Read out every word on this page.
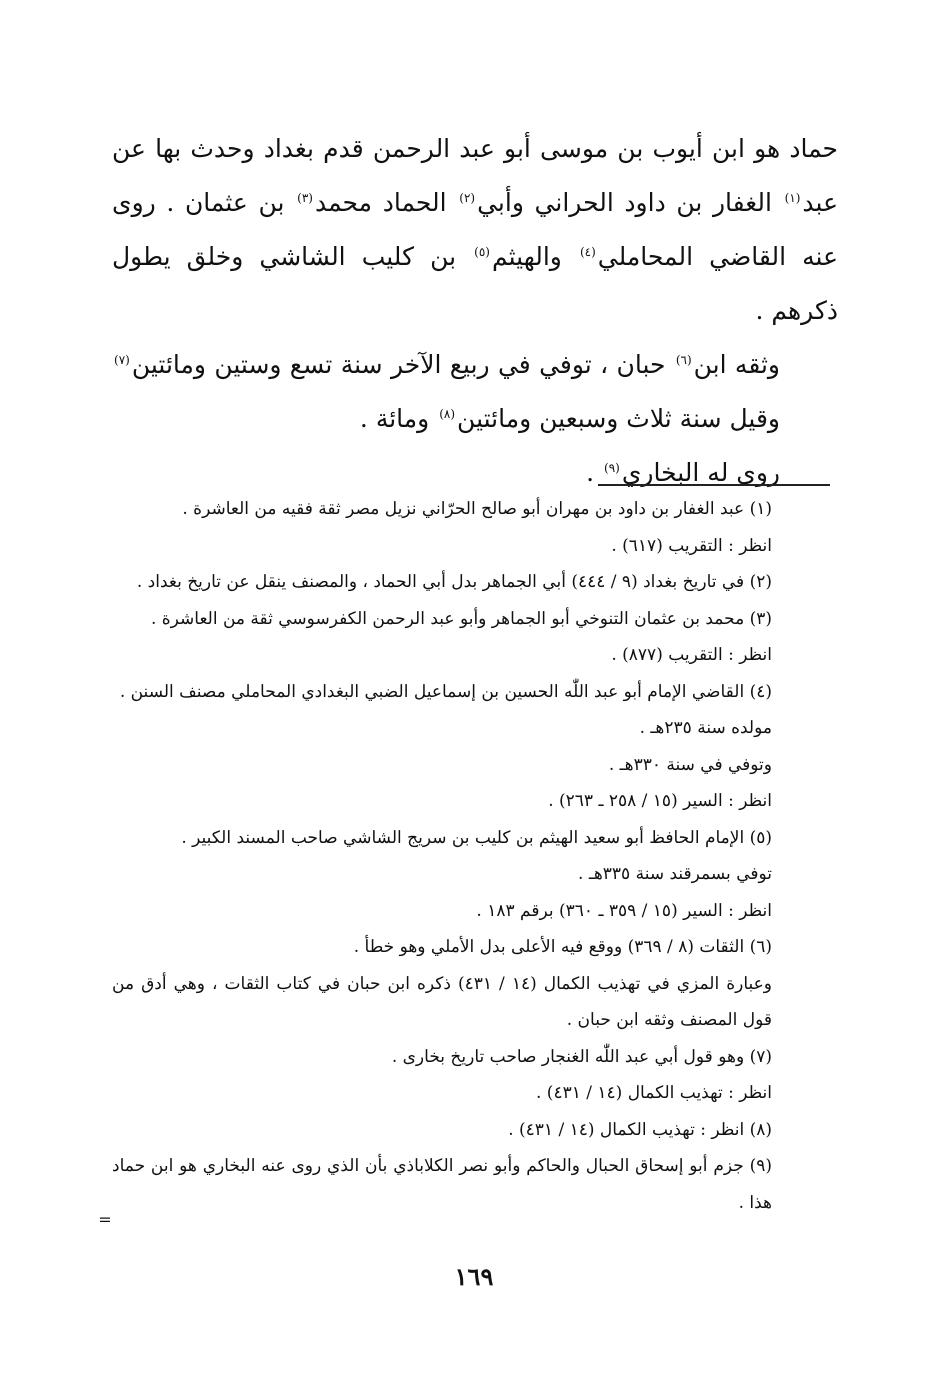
حماد هو ابن أيوب بن موسى أبو عبد الرحمن قدم بغداد وحدث بها عن عبد$^{(١)}$ الغفار بن داود الحراني وأبي$^{(٢)}$ الحماد محمد$^{(٣)}$ بن عثمان . روى عنه القاضي المحاملي$^{(٤)}$ والهيثم$^{(٥)}$ بن كليب الشاشي وخلق يطول ذكرهم .

وثقه ابن$^{(٦)}$ حبان ، توفي في ربيع الآخر سنة تسع وستين ومائتين$^{(٧)}$ وقيل سنة ثلاث وسبعين ومائتين$^{(٨)}$ ومائة .

روى له البخاري$^{(٩)}$ .

(١) عبد الغفار بن داود بن مهران أبو صالح الحرّاني نزيل مصر ثقة فقيه من العاشرة .

انظر : التقريب (٦١٧) .

(٢) في تاريخ بغداد (٩ / ٤٤٤) أبي الجماهر بدل أبي الحماد ، والمصنف ينقل عن تاريخ بغداد .

(٣) محمد بن عثمان التنوخي أبو الجماهر وأبو عبد الرحمن الكفرسوسي ثقة من العاشرة .

انظر : التقريب (٨٧٧) .

(٤) القاضي الإمام أبو عبد اللّٰه الحسين بن إسماعيل الضبي البغدادي المحاملي مصنف السنن .

مولده سنة ٢٣٥هـ .

وتوفي في سنة ٣٣٠هـ .

انظر : السير (١٥ / ٢٥٨ ـ ٢٦٣) .

(٥) الإمام الحافظ أبو سعيد الهيثم بن كليب بن سريج الشاشي صاحب المسند الكبير .

توفي بسمرقند سنة ٣٣٥هـ .

انظر : السير (١٥ / ٣٥٩ ـ ٣٦٠) برقم ١٨٣ .

(٦) الثقات (٨ / ٣٦٩) ووقع فيه الأعلى بدل الأملي وهو خطأ .

وعبارة المزي في تهذيب الكمال (١٤ / ٤٣١) ذكره ابن حبان في كتاب الثقات ، وهي أدق من قول المصنف وثقه ابن حبان .

(٧) وهو قول أبي عبد اللّٰه الغنجار صاحب تاريخ بخارى .

انظر : تهذيب الكمال (١٤ / ٤٣١) .

(٨) انظر : تهذيب الكمال (١٤ / ٤٣١) .

(٩) جزم أبو إسحاق الحبال والحاكم وأبو نصر الكلاباذي بأن الذي روى عنه البخاري هو ابن حماد هذا .

=
١٦٩
